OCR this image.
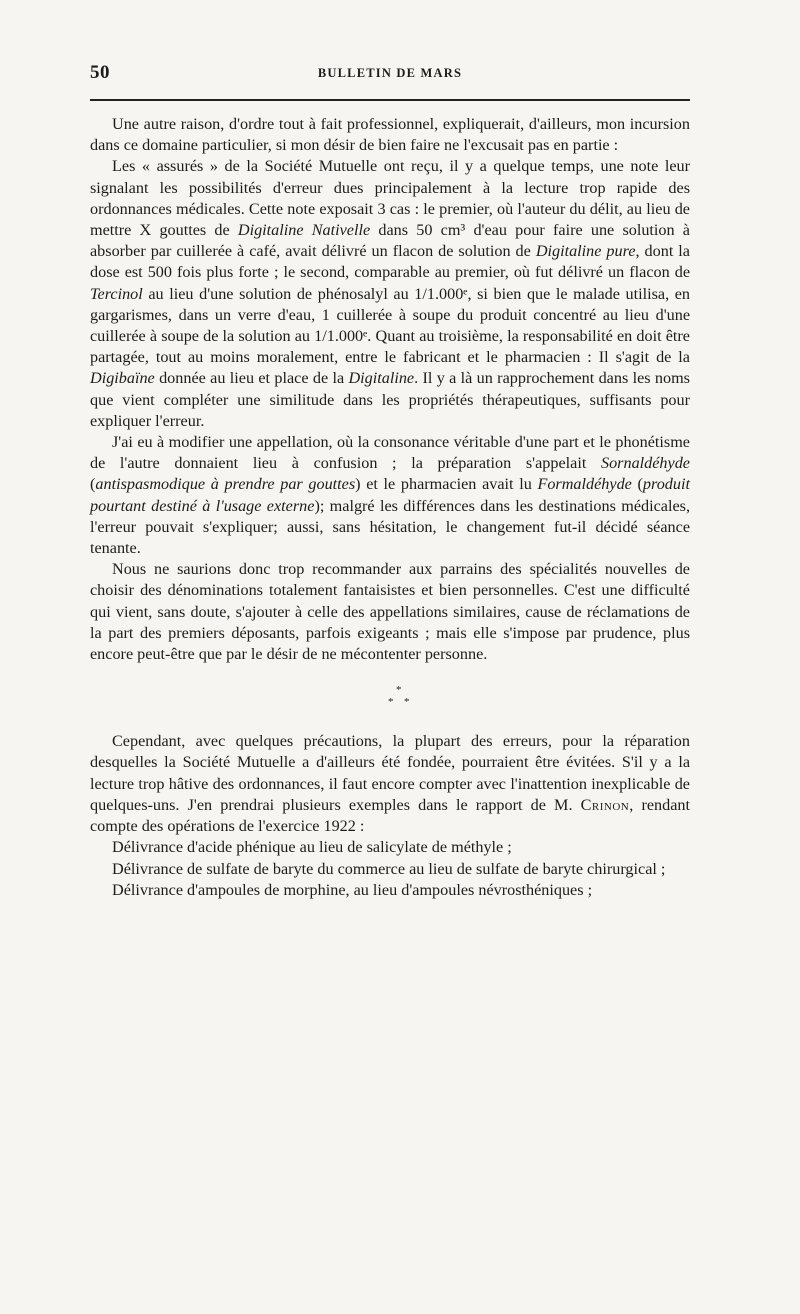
50	BULLETIN DE MARS

Une autre raison, d'ordre tout à fait professionnel, expliquerait, d'ailleurs, mon incursion dans ce domaine particulier, si mon désir de bien faire ne l'excusait pas en partie :

Les « assurés » de la Société Mutuelle ont reçu, il y a quelque temps, une note leur signalant les possibilités d'erreur dues principalement à la lecture trop rapide des ordonnances médicales. Cette note exposait 3 cas : le premier, où l'auteur du délit, au lieu de mettre X gouttes de Digitaline Nativelle dans 50 cm³ d'eau pour faire une solution à absorber par cuillerée à café, avait délivré un flacon de solution de Digitaline pure, dont la dose est 500 fois plus forte ; le second, comparable au premier, où fut délivré un flacon de Tercinol au lieu d'une solution de phénosalyl au 1/1.000ᵉ, si bien que le malade utilisa, en gargarismes, dans un verre d'eau, 1 cuillerée à soupe du produit concentré au lieu d'une cuillerée à soupe de la solution au 1/1.000ᵉ. Quant au troisième, la responsabilité en doit être partagée, tout au moins moralement, entre le fabricant et le pharmacien : Il s'agit de la Digibaïne donnée au lieu et place de la Digitaline. Il y a là un rapprochement dans les noms que vient compléter une similitude dans les propriétés thérapeutiques, suffisants pour expliquer l'erreur.

J'ai eu à modifier une appellation, où la consonance véritable d'une part et le phonétisme de l'autre donnaient lieu à confusion ; la préparation s'appelait Sornaldéhyde (antispasmodique à prendre par gouttes) et le pharmacien avait lu Formaldéhyde (produit pourtant destiné à l'usage externe); malgré les différences dans les destinations médicales, l'erreur pouvait s'expliquer; aussi, sans hésitation, le changement fut-il décidé séance tenante.

Nous ne saurions donc trop recommander aux parrains des spécialités nouvelles de choisir des dénominations totalement fantaisistes et bien personnelles. C'est une difficulté qui vient, sans doute, s'ajouter à celle des appellations similaires, cause de réclamations de la part des premiers déposants, parfois exigeants ; mais elle s'impose par prudence, plus encore peut-être que par le désir de ne mécontenter personne.

*
* *

Cependant, avec quelques précautions, la plupart des erreurs, pour la réparation desquelles la Société Mutuelle a d'ailleurs été fondée, pourraient être évitées. S'il y a la lecture trop hâtive des ordonnances, il faut encore compter avec l'inattention inexplicable de quelques-uns. J'en prendrai plusieurs exemples dans le rapport de M. Crinon, rendant compte des opérations de l'exercice 1922 :

Délivrance d'acide phénique au lieu de salicylate de méthyle ;

Délivrance de sulfate de baryte du commerce au lieu de sulfate de baryte chirurgical ;

Délivrance d'ampoules de morphine, au lieu d'ampoules névrosthéniques ;
